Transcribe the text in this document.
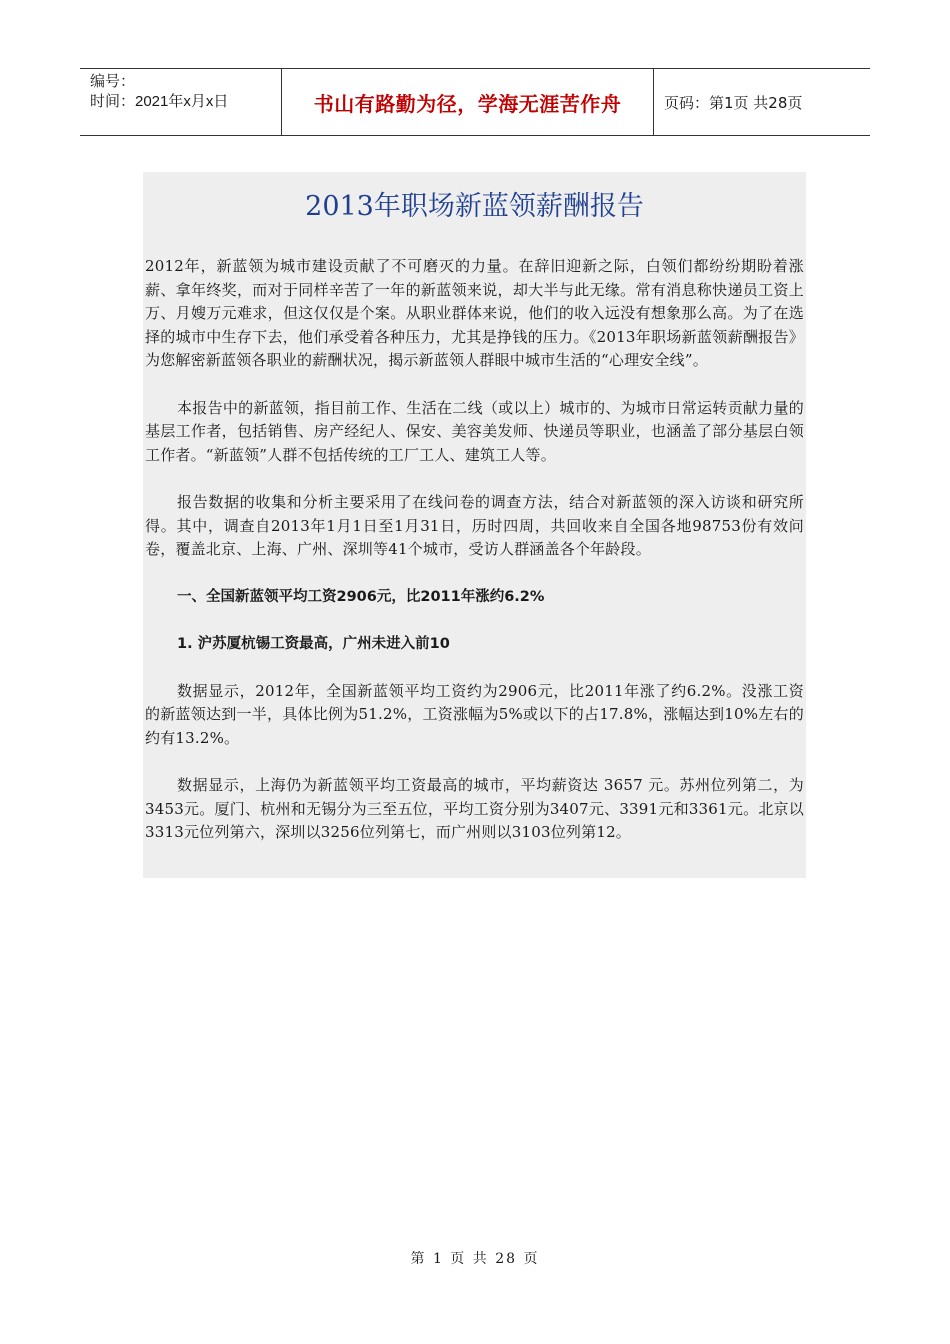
编号：
时间：2021年x月x日	书山有路勤为径，学海无涯苦作舟	页码：第1页 共28页
2013年职场新蓝领薪酬报告

2012年，新蓝领为城市建设贡献了不可磨灭的力量。在辞旧迎新之际，白领们都纷纷期盼着涨薪、拿年终奖，而对于同样辛苦了一年的新蓝领来说，却大半与此无缘。常有消息称快递员工资上万、月嫂万元难求，但这仅仅是个案。从职业群体来说，他们的收入远没有想象那么高。为了在选择的城市中生存下去，他们承受着各种压力，尤其是挣钱的压力。《2013年职场新蓝领薪酬报告》为您解密新蓝领各职业的薪酬状况，揭示新蓝领人群眼中城市生活的“心理安全线”。

本报告中的新蓝领，指目前工作、生活在二线（或以上）城市的、为城市日常运转贡献力量的基层工作者，包括销售、房产经纪人、保安、美容美发师、快递员等职业，也涵盖了部分基层白领工作者。“新蓝领”人群不包括传统的工厂工人、建筑工人等。

报告数据的收集和分析主要采用了在线问卷的调查方法，结合对新蓝领的深入访谈和研究所得。其中，调查自2013年1月1日至1月31日，历时四周，共回收来自全国各地98753份有效问卷，覆盖北京、上海、广州、深圳等41个城市，受访人群涵盖各个年龄段。

一、全国新蓝领平均工资2906元，比2011年涨约6.2%

1. 沪苏厦杭锡工资最高，广州未进入前10

数据显示，2012年，全国新蓝领平均工资约为2906元，比2011年涨了约6.2%。没涨工资的新蓝领达到一半，具体比例为51.2%，工资涨幅为5%或以下的占17.8%，涨幅达到10%左右的约有13.2%。

数据显示，上海仍为新蓝领平均工资最高的城市，平均薪资达 3657 元。苏州位列第二，为3453元。厦门、杭州和无锡分为三至五位，平均工资分别为3407元、3391元和3361元。北京以 3313元位列第六，深圳以3256位列第七，而广州则以3103位列第12。

第 1 页 共 28 页
